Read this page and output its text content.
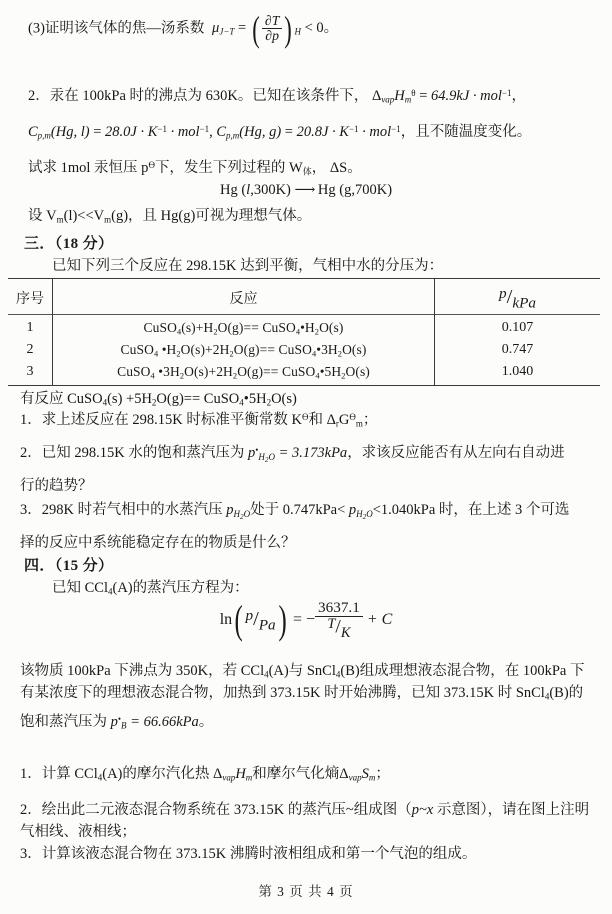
(3)证明该气体的焦—汤系数 $\mu_{J-T}$ = ( $\frac{\partial T}{\partial p}$ ) $_H$ < 0。
2．汞在 100kPa 时的沸点为 630K。已知在该条件下， $\Delta_{vap}H_m^\theta = 64.9kJ \cdot mol^{-1}$，
$C_{p,m}(Hg$, $l) = 28.0J \cdot K^{-1} \cdot mol^{-1}$, $C_{p,m}(Hg$, $g) = 20.8J \cdot K^{-1} \cdot mol^{-1}$，且不随温度变化。
试求 1mol 汞恒压 $p^Ɵ$下，发生下列过程的 $W_体$， ΔS。
Hg (l,300K) ⟶ Hg (g,700K)
设 $V_m(l)<<V_m(g)$，且 Hg(g)可视为理想气体。
三．（18 分）
已知下列三个反应在 298.15K 达到平衡，气相中水的分压为：
序号	反应	p/kPa
1	$CuSO_4(s)+H_2O(g)==$ $CuSO_4•H_2O(s)$	0.107
2	CuSO$_4$ $•H_2O(s)+2H_2O(g)==$ $CuSO_4•3H_2O(s)$	0.747
3	CuSO$_4$ $•3H_2O(s)+2H_2O(g)==$ $CuSO_4•5H_2O(s)$	1.040
有反应 CuSO$_4$(s) $+5H_2O(g)==$ $CuSO_4•5H_2O(s)$
1．求上述反应在 298.15K 时标准平衡常数 $K^Ɵ$和 $\Delta_rG^Ɵ_m$；
2．已知 298.15K 水的饱和蒸汽压为 $p^•_{H_2O} = 3.173kPa$，求该反应能否有从左向右自动进
行的趋势？
3．298K 时若气相中的水蒸汽压 $p_{H_2O}$处于 $0.747kPa< p_{H_2O}<1.040kPa$ 时，在上述 3 个可选
择的反应中系统能稳定存在的物质是什么？
四．（15 分）
已知 CCl$_4$(A)的蒸汽压方程为：
ln( p/Pa) = − $\frac{3637.1}{T/K} + C$
该物质 100kPa 下沸点为 350K，若 CCl$_4$(A)与 SnCl$_4$(B)组成理想液态混合物，在 100kPa 下
有某浓度下的理想液态混合物，加热到 373.15K 时开始沸腾，已知 373.15K 时 SnCl$_4$(B)的
饱和蒸汽压为 $p^•_B = 66.66kPa$。
1．计算 CCl$_4$(A)的摩尔汽化热 $\Delta_{vap}H_m$和摩尔气化熵$\Delta_{vap}S_m$；
2．绘出此二元液态混合物系统在 373.15K 的蒸汽压~组成图（p~x 示意图），请在图上注明
气相线、液相线；
3．计算该液态混合物在 373.15K 沸腾时液相组成和第一个气泡的组成。
第 3 页 共 4 页
